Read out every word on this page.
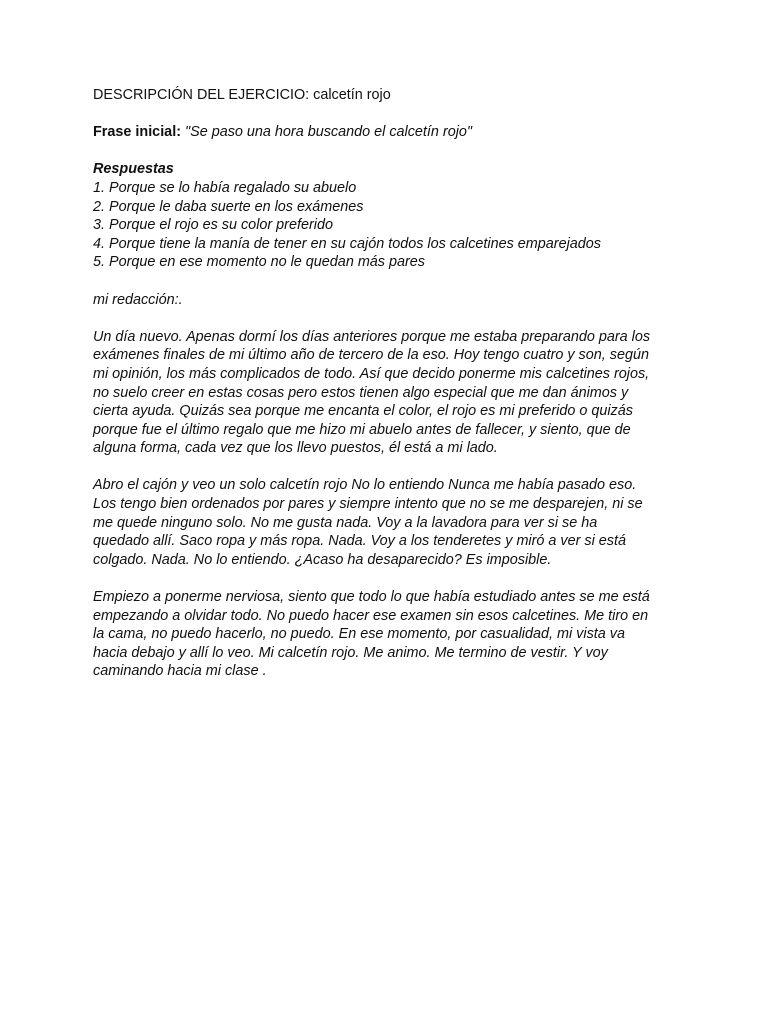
DESCRIPCIÓN DEL EJERCICIO: calcetín rojo

Frase inicial: "Se paso una hora buscando el calcetín rojo"

Respuestas

1. Porque se lo había regalado su abuelo
2. Porque le daba suerte en los exámenes
3. Porque el rojo es su color preferido
4. Porque tiene la manía de tener en su cajón todos los calcetines emparejados
5. Porque en ese momento no le quedan más pares

mi redacción:.

Un día nuevo. Apenas dormí los días anteriores porque me estaba preparando para los

exámenes finales de mi último año de tercero de la eso. Hoy tengo cuatro y son, según

mi opinión, los más complicados de todo. Así que decido ponerme mis calcetines rojos,

no suelo creer en estas cosas pero estos tienen algo especial que me dan ánimos y

cierta ayuda. Quizás sea porque me encanta el color, el rojo es mi preferido o quizás

porque fue el último regalo que me hizo mi abuelo antes de fallecer, y siento, que de

alguna forma, cada vez que los llevo puestos, él está a mi lado.

Abro el cajón y veo un solo calcetín rojo No lo entiendo Nunca me había pasado eso.

Los tengo bien ordenados por pares y siempre intento que no se me desparejen, ni se

me quede ninguno solo. No me gusta nada. Voy a la lavadora para ver si se ha

quedado allí. Saco ropa y más ropa. Nada. Voy a los tenderetes y miró a ver si está

colgado. Nada. No lo entiendo. ¿Acaso ha desaparecido? Es imposible.

Empiezo a ponerme nerviosa, siento que todo lo que había estudiado antes se me está

empezando a olvidar todo. No puedo hacer ese examen sin esos calcetines. Me tiro en

la cama, no puedo hacerlo, no puedo. En ese momento, por casualidad, mi vista va

hacia debajo y allí lo veo. Mi calcetín rojo. Me animo. Me termino de vestir. Y voy

caminando hacia mi clase .
